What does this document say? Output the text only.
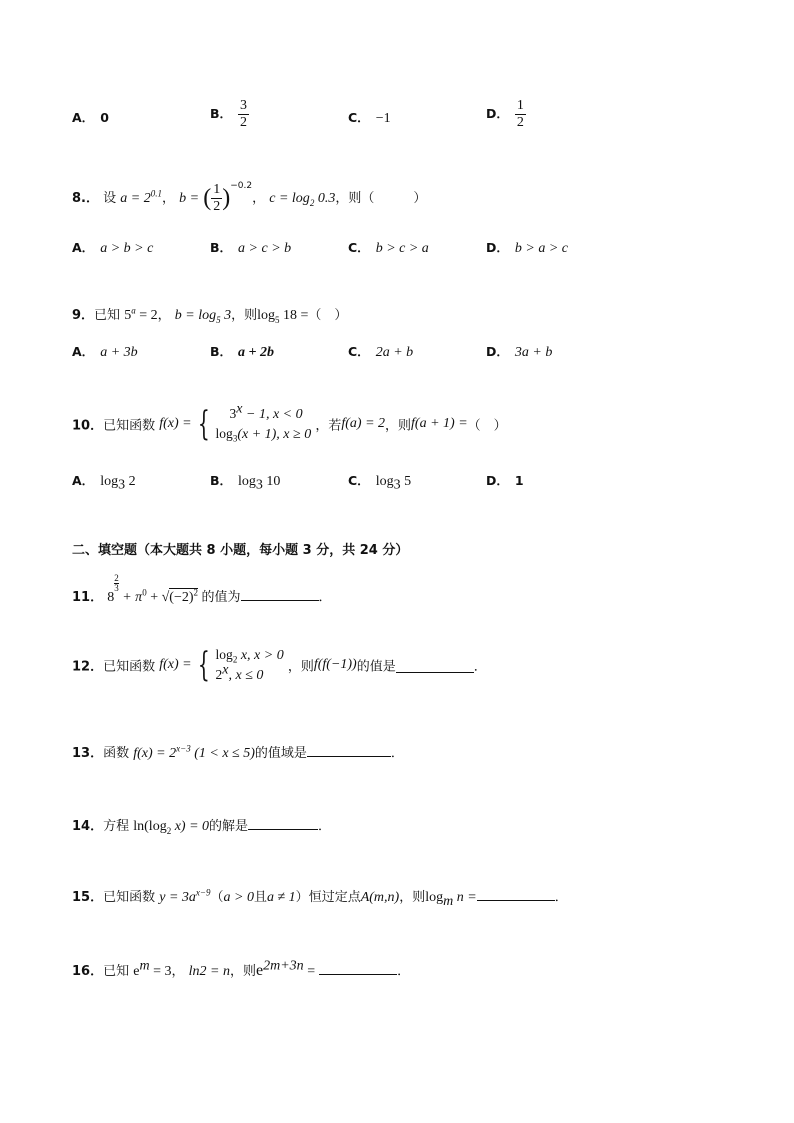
A． 0	B． $\frac{3}{2}$	C． −1	D． $\frac{1}{2}$
8.． 设 $a = 2^{0.1}$， b = ( $\frac{1}{2} )^{-0.2}$， $c = \log_2 0.3$，则（　　　）
A． a > b > c	B． a > c > b	C． b > c > a	D． b > a > c
9．已知 $5^a = 2$， $b = \log_5 3$，则$\log_5 18$ =（　）
A． a + 3b	B． a + 2b	C． 2a + b	D． 3a + b
10．已知函数 f(x) = {	$3^x - 1$, x < 0
$\log_3(x + 1)$, x ≥ 0
，若f(a) = 2，则f(a + 1) =（　）
A． $\log_3 2$	B． $\log_3 10$	C． $\log_3 5$	D． 1
二、填空题（本大题共 8 小题，每小题 3 分，共 24 分）
11． 8
$\frac{2}{3}$
+ $\pi^0 + √(-2)^2$ 的值为	．
12．已知函数 f(x) = { $\log_2 x$, x > 0
2$^x$, x ≤ 0
，则f(f(−1))的值是	．
13．函数 $f(x) = 2^{x-3}$ (1 < x ≤ 5)的值域是	．
14．方程 $\ln(\log_2$ x) = 0的解是	．
15．已知函数 $y = 3a^{x-9}(a > 0$且a ≠ 1）恒过定点A(m,n)，则$\log_m n$ =	．
16．已知 $e^m = 3$， ln2 = n，则$e^{2m+3n}$ =	．
